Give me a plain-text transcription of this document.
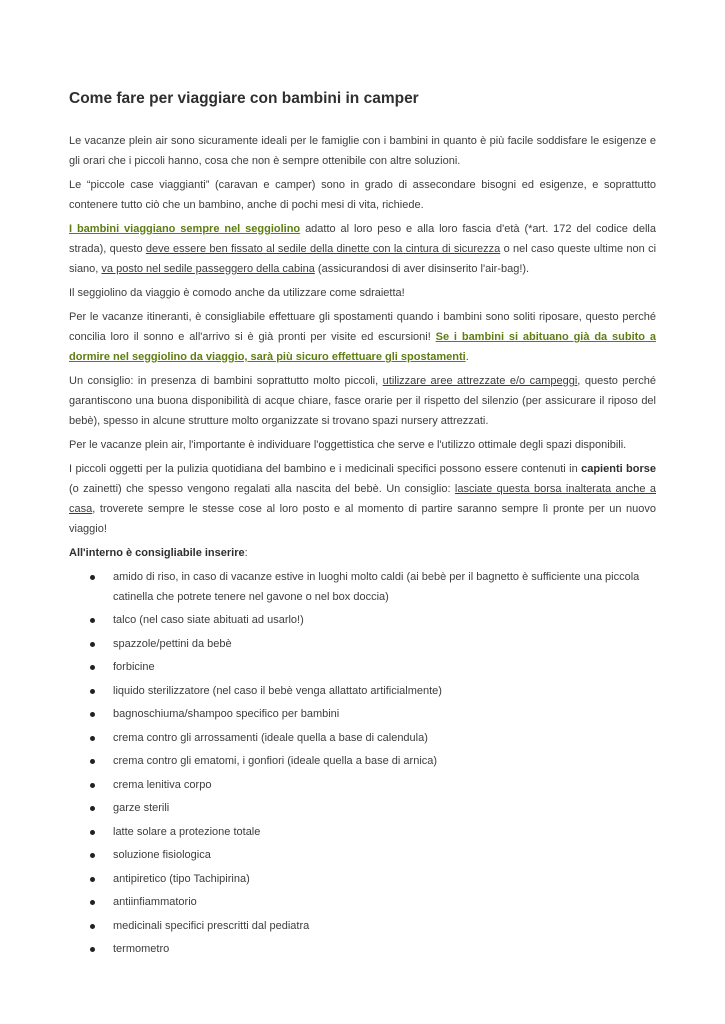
Come fare per viaggiare con bambini in camper

Le vacanze plein air sono sicuramente ideali per le famiglie con i bambini in quanto è più facile soddisfare le esigenze e gli orari che i piccoli hanno, cosa che non è sempre ottenibile con altre soluzioni.

Le “piccole case viaggianti” (caravan e camper) sono in grado di assecondare bisogni ed esigenze, e soprattutto contenere tutto ciò che un bambino, anche di pochi mesi di vita, richiede.

I bambini viaggiano sempre nel seggiolino adatto al loro peso e alla loro fascia d'età (*art. 172 del codice della strada), questo deve essere ben fissato al sedile della dinette con la cintura di sicurezza o nel caso queste ultime non ci siano, va posto nel sedile passeggero della cabina (assicurandosi di aver disinserito l'air-bag!).

Il seggiolino da viaggio è comodo anche da utilizzare come sdraietta!

Per le vacanze itineranti, è consigliabile effettuare gli spostamenti quando i bambini sono soliti riposare, questo perché concilia loro il sonno e all'arrivo si è già pronti per visite ed escursioni! Se i bambini si abituano già da subito a dormire nel seggiolino da viaggio, sarà più sicuro effettuare gli spostamenti.

Un consiglio: in presenza di bambini soprattutto molto piccoli, utilizzare aree attrezzate e/o campeggi, questo perché garantiscono una buona disponibilità di acque chiare, fasce orarie per il rispetto del silenzio (per assicurare il riposo del bebè), spesso in alcune strutture molto organizzate si trovano spazi nursery attrezzati.

Per le vacanze plein air, l'importante è individuare l'oggettistica che serve e l'utilizzo ottimale degli spazi disponibili.

I piccoli oggetti per la pulizia quotidiana del bambino e i medicinali specifici possono essere contenuti in capienti borse (o zainetti) che spesso vengono regalati alla nascita del bebè. Un consiglio: lasciate questa borsa inalterata anche a casa, troverete sempre le stesse cose al loro posto e al momento di partire saranno sempre lì pronte per un nuovo viaggio!

All'interno è consigliabile inserire:

amido di riso, in caso di vacanze estive in luoghi molto caldi (ai bebè per il bagnetto è sufficiente una piccola catinella che potrete tenere nel gavone o nel box doccia)
talco (nel caso siate abituati ad usarlo!)
spazzole/pettini da bebè
forbicine
liquido sterilizzatore (nel caso il bebè venga allattato artificialmente)
bagnoschiuma/shampoo specifico per bambini
crema contro gli arrossamenti (ideale quella a base di calendula)
crema contro gli ematomi, i gonfiori (ideale quella a base di arnica)
crema lenitiva corpo
garze sterili
latte solare a protezione totale
soluzione fisiologica
antipiretico (tipo Tachipirina)
antiinfiammatorio
medicinali specifici prescritti dal pediatra
termometro
